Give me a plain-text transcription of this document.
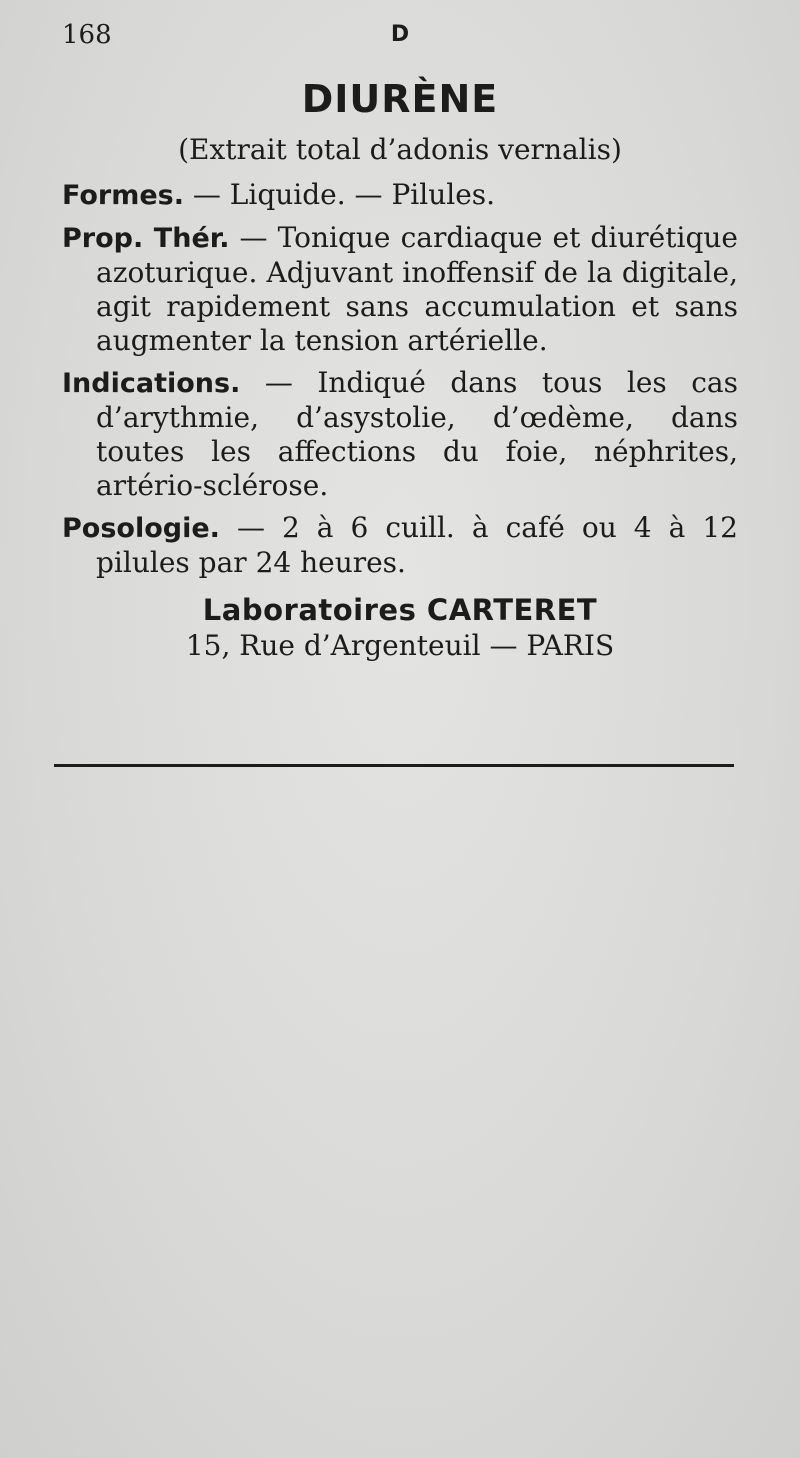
168	D
DIURÈNE
(Extrait total d’adonis vernalis)
Formes. — Liquide. — Pilules.
Prop. Thér. — Tonique cardiaque et diurétique azoturique. Adjuvant inoffensif de la digitale, agit rapidement sans accumulation et sans augmenter la tension artérielle.
Indications. — Indiqué dans tous les cas d’arythmie, d’asystolie, d’œdème, dans toutes les affections du foie, néphrites, artério-sclérose.
Posologie. — 2 à 6 cuill. à café ou 4 à 12 pilules par 24 heures.
Laboratoires CARTERET
15, Rue d’Argenteuil — PARIS
